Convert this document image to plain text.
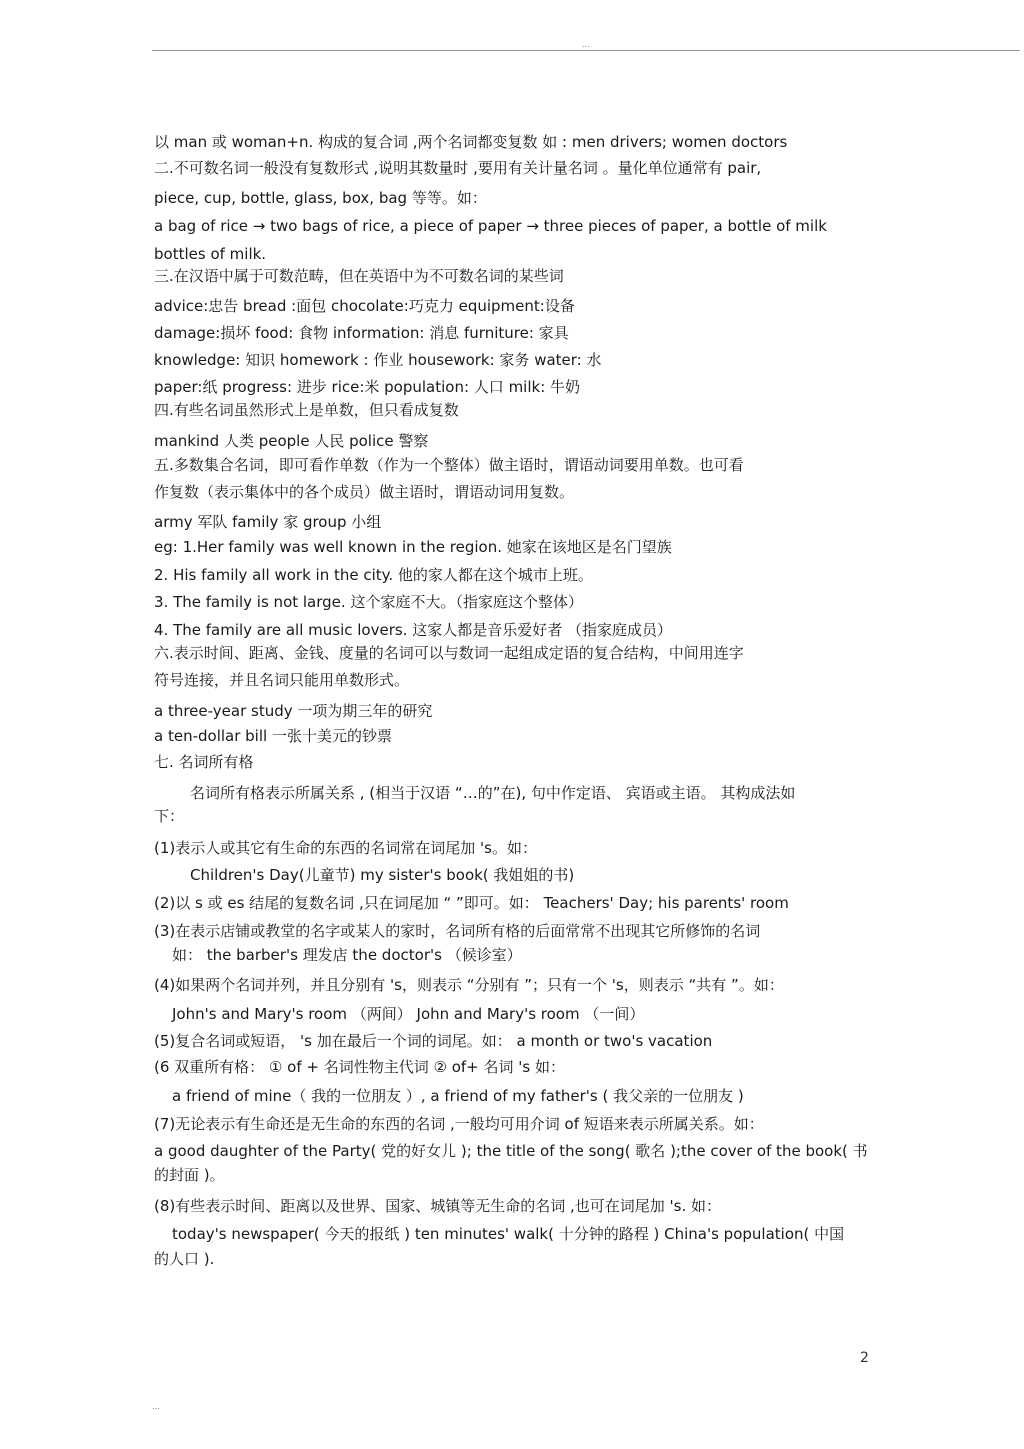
...
以 man 或 woman+n. 构成的复合词 ,两个名词都变复数 如 : men drivers; women doctors
二.不可数名词一般没有复数形式 ,说明其数量时 ,要用有关计量名词 。量化单位通常有 pair,
piece, cup, bottle, glass, box, bag 等等。如：
a bag of rice → two bags of rice, a piece of paper → three pieces of paper, a bottle of milk
bottles of milk.
三.在汉语中属于可数范畴，但在英语中为不可数名词的某些词
advice:忠告 bread :面包 chocolate:巧克力 equipment:设备
damage:损坏 food: 食物 information: 消息 furniture: 家具
knowledge: 知识 homework : 作业 housework: 家务 water: 水
paper:纸 progress: 进步 rice:米 population: 人口 milk: 牛奶
四.有些名词虽然形式上是单数，但只看成复数
mankind 人类 people 人民 police 警察
五.多数集合名词，即可看作单数（作为一个整体）做主语时，谓语动词要用单数。也可看
作复数（表示集体中的各个成员）做主语时，谓语动词用复数。
army 军队 family 家 group 小组
eg: 1.Her family was well known in the region. 她家在该地区是名门望族
2. His family all work in the city. 他的家人都在这个城市上班。
3. The family is not large. 这个家庭不大。（指家庭这个整体）
4. The family are all music lovers. 这家人都是音乐爱好者 （指家庭成员）
六.表示时间、距离、金钱、度量的名词可以与数词一起组成定语的复合结构，中间用连字
符号连接，并且名词只能用单数形式。
a three-year study 一项为期三年的研究
a ten-dollar bill 一张十美元的钞票
七. 名词所有格
名词所有格表示所属关系 , (相当于汉语 “…的”在), 句中作定语、 宾语或主语。 其构成法如
下：
(1)表示人或其它有生命的东西的名词常在词尾加 's。如：
Children's Day(儿童节) my sister's book( 我姐姐的书)
(2)以 s 或 es 结尾的复数名词 ,只在词尾加 “ ”即可。如： Teachers' Day; his parents' room
(3)在表示店铺或教堂的名字或某人的家时，名词所有格的后面常常不出现其它所修饰的名词
如： the barber's 理发店 the doctor's （候诊室）
(4)如果两个名词并列，并且分别有 's，则表示 “分别有 ”；只有一个 's，则表示 “共有 ”。如：
John's and Mary's room （两间） John and Mary's room （一间）
(5)复合名词或短语， 's 加在最后一个词的词尾。如： a month or two's vacation
(6 双重所有格： ① of + 名词性物主代词 ② of+ 名词 's 如：
a friend of mine（ 我的一位朋友 ）, a friend of my father's ( 我父亲的一位朋友 )
(7)无论表示有生命还是无生命的东西的名词 ,一般均可用介词 of 短语来表示所属关系。如：
a good daughter of the Party( 党的好女儿 ); the title of the song( 歌名 );the cover of the book( 书
的封面 )。
(8)有些表示时间、距离以及世界、国家、城镇等无生命的名词 ,也可在词尾加 's. 如：
today's newspaper( 今天的报纸 ) ten minutes' walk( 十分钟的路程 ) China's population( 中国
的人口 ).
2
...
